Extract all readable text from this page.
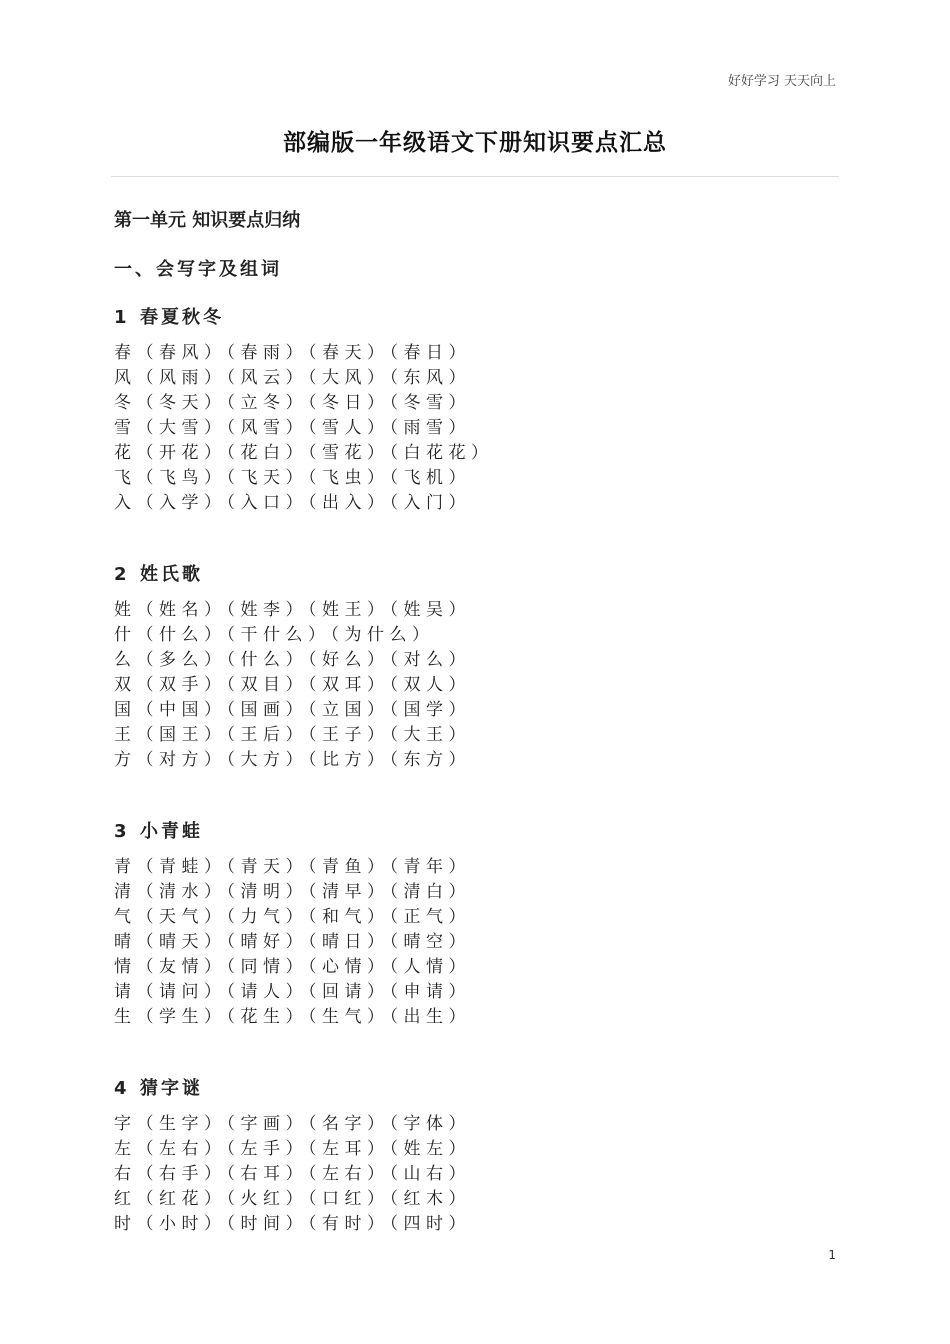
好好学习 天天向上
部编版一年级语文下册知识要点汇总
第一单元 知识要点归纳
一、会写字及组词
1 春夏秋冬
春（春风）（春雨）（春天）（春日）
风（风雨）（风云）（大风）（东风）
冬（冬天）（立冬）（冬日）（冬雪）
雪（大雪）（风雪）（雪人）（雨雪）
花（开花）（花白）（雪花）（白花花）
飞（飞鸟）（飞天）（飞虫）（飞机）
入（入学）（入口）（出入）（入门）
2 姓氏歌
姓（姓名）（姓李）（姓王）（姓吴）
什（什么）（干什么）（为什么）
么（多么）（什么）（好么）（对么）
双（双手）（双目）（双耳）（双人）
国（中国）（国画）（立国）（国学）
王（国王）（王后）（王子）（大王）
方（对方）（大方）（比方）（东方）
3 小青蛙
青（青蛙）（青天）（青鱼）（青年）
清（清水）（清明）（清早）（清白）
气（天气）（力气）（和气）（正气）
晴（晴天）（晴好）（晴日）（晴空）
情（友情）（同情）（心情）（人情）
请（请问）（请人）（回请）（申请）
生（学生）（花生）（生气）（出生）
4 猜字谜
字（生字）（字画）（名字）（字体）
左（左右）（左手）（左耳）（姓左）
右（右手）（右耳）（左右）（山右）
红（红花）（火红）（口红）（红木）
时（小时）（时间）（有时）（四时）
1
